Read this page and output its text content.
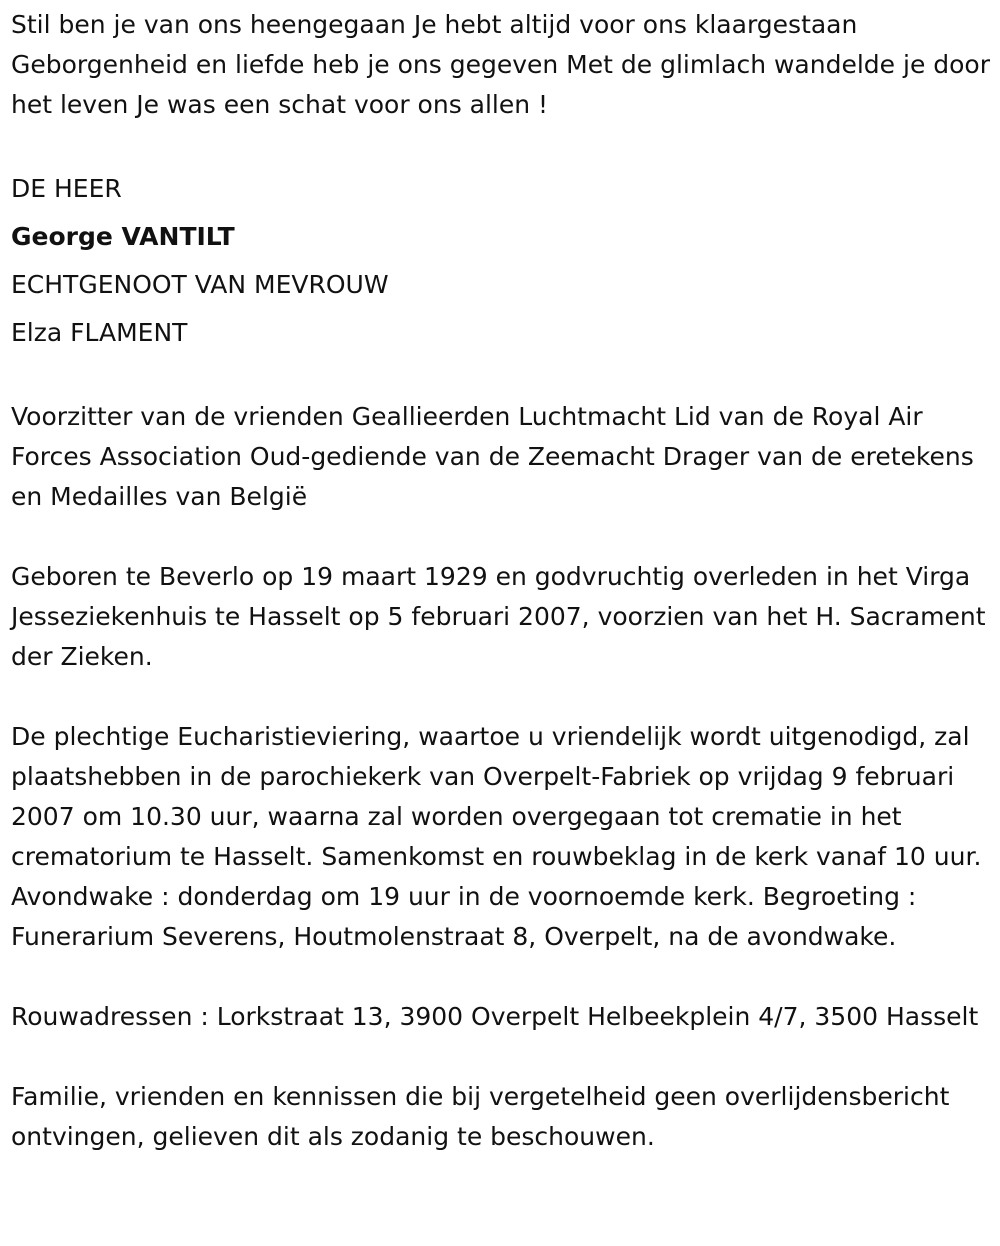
Stil ben je van ons heengegaan Je hebt altijd voor ons klaargestaan Geborgenheid en liefde heb je ons gegeven Met de glimlach wandelde je door het leven Je was een schat voor ons allen !

DE HEER
George VANTILT
ECHTGENOOT VAN MEVROUW
Elza FLAMENT

Voorzitter van de vrienden Geallieerden Luchtmacht Lid van de Royal Air Forces Association Oud-gediende van de Zeemacht Drager van de eretekens en Medailles van België

Geboren te Beverlo op 19 maart 1929 en godvruchtig overleden in het Virga Jesseziekenhuis te Hasselt op 5 februari 2007, voorzien van het H. Sacrament der Zieken.

De plechtige Eucharistieviering, waartoe u vriendelijk wordt uitgenodigd, zal plaatshebben in de parochiekerk van Overpelt-Fabriek op vrijdag 9 februari 2007 om 10.30 uur, waarna zal worden overgegaan tot crematie in het crematorium te Hasselt. Samenkomst en rouwbeklag in de kerk vanaf 10 uur. Avondwake : donderdag om 19 uur in de voornoemde kerk. Begroeting : Funerarium Severens, Houtmolenstraat 8, Overpelt, na de avondwake.

Rouwadressen : Lorkstraat 13, 3900 Overpelt Helbeekplein 4/7, 3500 Hasselt

Familie, vrienden en kennissen die bij vergetelheid geen overlijdensbericht ontvingen, gelieven dit als zodanig te beschouwen.
